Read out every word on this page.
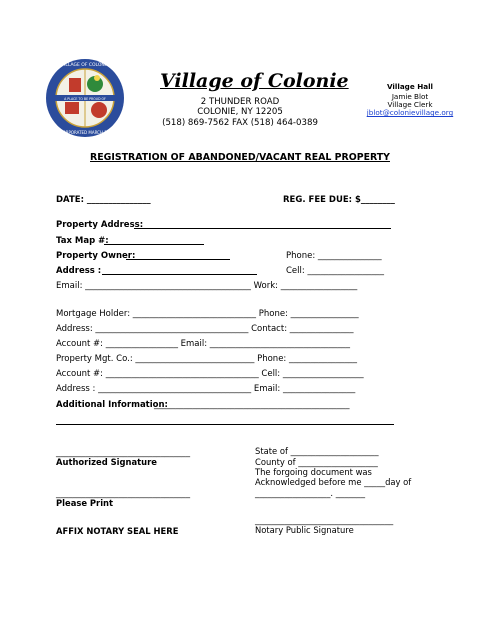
A PLACE TO BE PROUD OF
VILLAGE OF COLONIE
INCORPORATED MARCH 1921
Village of Colonie
2 THUNDER ROAD
COLONIE, NY 12205
(518) 869-7562 FAX (518) 464-0389
Village Hall
Jamie Blot
Village Clerk
jblot@colonievillage.org
REGISTRATION OF ABANDONED/VACANT REAL PROPERTY
DATE: _______________	REG. FEE DUE: $________
Property Address:
Tax Map #:
Property Owner:	Phone: _______________
Address :	Cell: __________________
Email: _______________________________________ Work: __________________
Mortgage Holder: _____________________________ Phone: ________________
Address: ____________________________________ Contact: _______________
Account #: _________________ Email: _________________________________
Property Mgt. Co.: ____________________________ Phone: ________________
Account #: ____________________________________ Cell: ___________________
Address : ____________________________________ Email: _________________
Additional Information:
______________________________________________
________________________________
Authorized Signature
________________________________
Please Print
AFFIX NOTARY SEAL HERE
State of _____________________
County of ___________________
The forgoing document was
Acknowledged before me _____day of
__________________. _______
_________________________________
Notary Public Signature
